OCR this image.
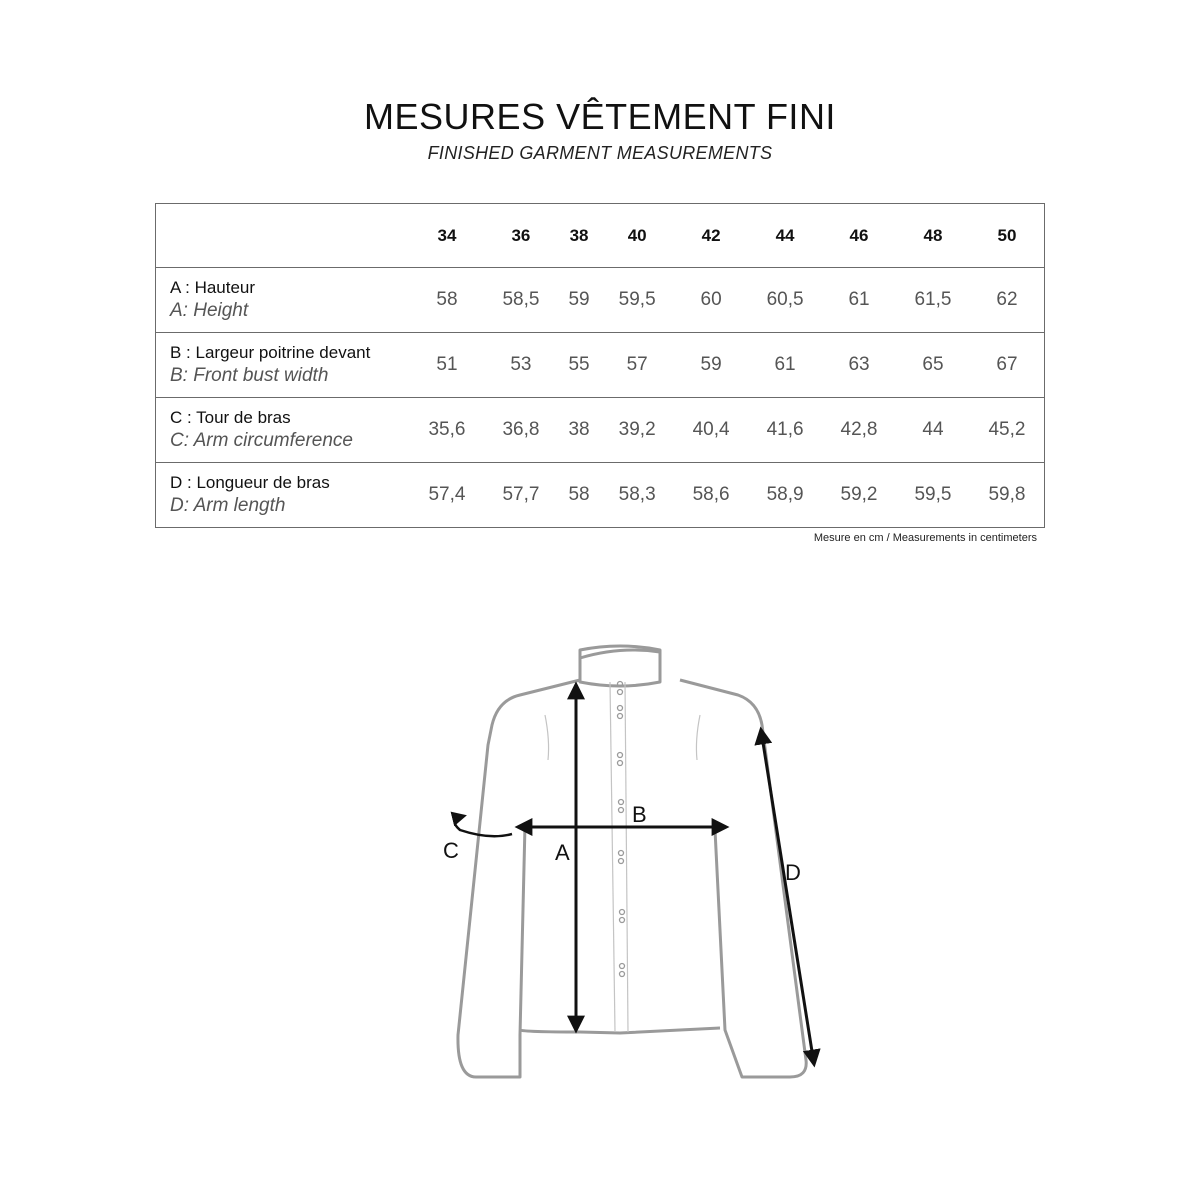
MESURES VÊTEMENT FINI
FINISHED GARMENT MEASUREMENTS
	34	36	38	40	42	44	46	48	50

A : Hauteur
A: Height	58	58,5	59	59,5	60	60,5	61	61,5	62

B : Largeur poitrine devant
B: Front bust width	51	53	55	57	59	61	63	65	67

C : Tour de bras
C: Arm circumference	35,6	36,8	38	39,2	40,4	41,6	42,8	44	45,2

D : Longueur de bras
D: Arm length	57,4	57,7	58	58,3	58,6	58,9	59,2	59,5	59,8
Mesure en cm / Measurements in centimeters
A
B
C
D
